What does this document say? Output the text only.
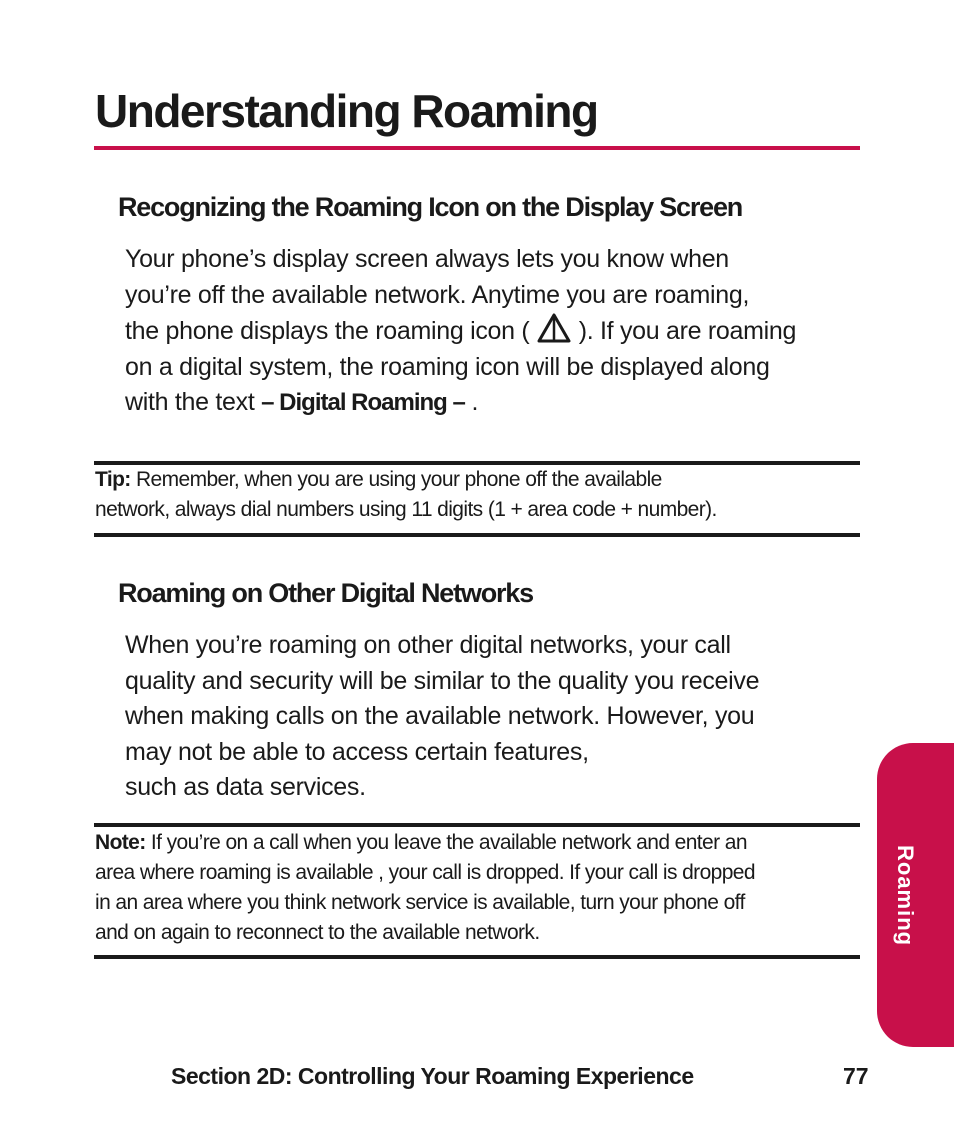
Understanding Roaming
Recognizing the Roaming Icon on the Display Screen
Your phone’s display screen always lets you know when
you’re off the available network. Anytime you are roaming,
the phone displays the roaming icon (  ). If you are roaming
on a digital system, the roaming icon will be displayed along
with the text – Digital Roaming – .
Tip: Remember, when you are using your phone off the available
network, always dial numbers using 11 digits (1 + area code + number).
Roaming on Other Digital Networks
When you’re roaming on other digital networks, your call
quality and security will be similar to the quality you receive
when making calls on the available network. However, you
may not be able to access certain features,
such as data services.
Note: If you’re on a call when you leave the available network and enter an
area where roaming is available , your call is dropped. If your call is dropped
in an area where you think network service is available, turn your phone off
and on again to reconnect to the available network.	Roaming
Section 2D: Controlling Your Roaming Experience	77
